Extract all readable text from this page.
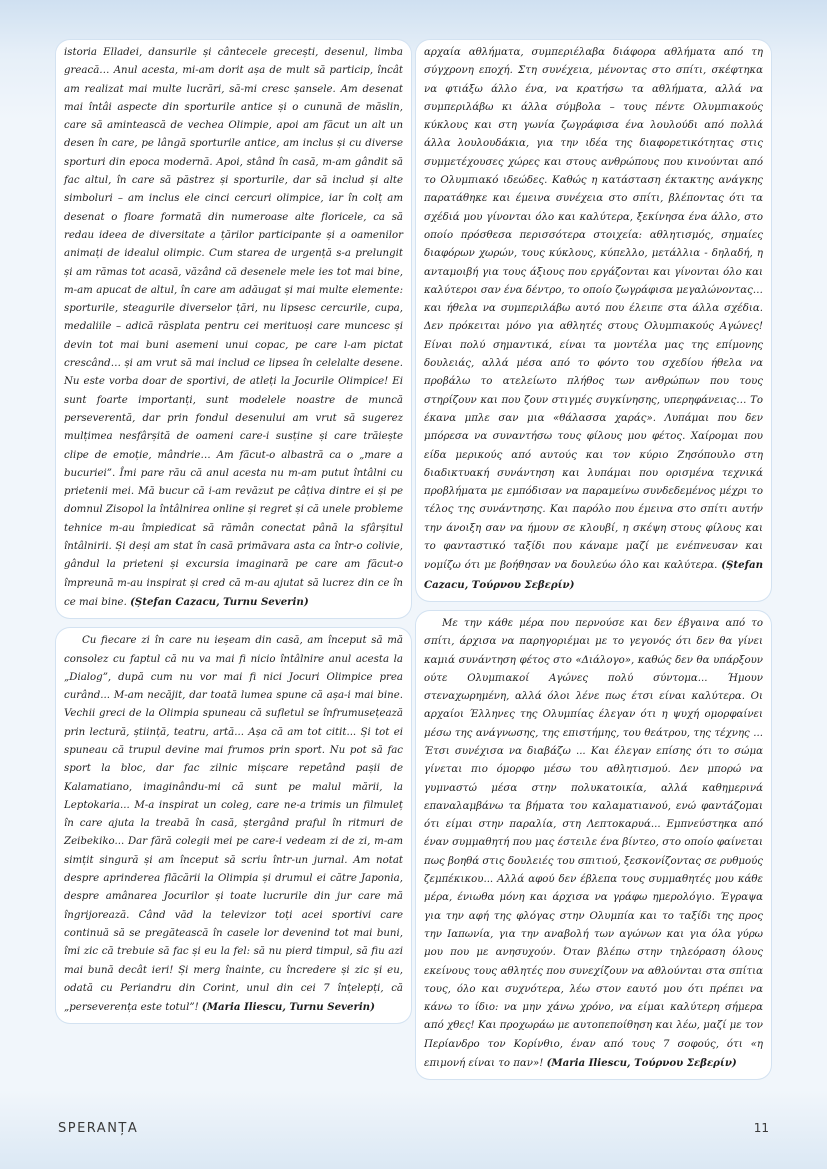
istoria Elladei, dansurile și cântecele grecești, desenul, limba greacă… Anul acesta, mi-am dorit așa de mult să particip, încât am realizat mai multe lucrări, să-mi cresc șansele. Am desenat mai întâi aspecte din sporturile antice și o cunună de măslin, care să amintească de vechea Olimpie, apoi am făcut un alt un desen în care, pe lângă sporturile antice, am inclus și cu diverse sporturi din epoca modernă. Apoi, stând în casă, m-am gândit să fac altul, în care să păstrez și sporturile, dar să includ și alte simboluri – am inclus ele cinci cercuri olimpice, iar în colț am desenat o floare formată din numeroase alte floricele, ca să redau ideea de diversitate a țărilor participante și a oamenilor animați de idealul olimpic. Cum starea de urgență s-a prelungit și am rămas tot acasă, văzând că desenele mele ies tot mai bine, m-am apucat de altul, în care am adăugat și mai multe elemente: sporturile, steagurile diverselor țări, nu lipsesc cercurile, cupa, medaliile – adică răsplata pentru cei merituoși care muncesc și devin tot mai buni asemeni unui copac, pe care l-am pictat crescând… și am vrut să mai includ ce lipsea în celelalte desene. Nu este vorba doar de sportivi, de atleți la Jocurile Olimpice! Ei sunt foarte importanți, sunt modelele noastre de muncă perseverentă, dar prin fondul desenului am vrut să sugerez mulțimea nesfârșită de oameni care-i susține și care trăiește clipe de emoție, mândrie… Am făcut-o albastră ca o „mare a bucuriei”. Îmi pare rău că anul acesta nu m-am putut întâlni cu prietenii mei. Mă bucur că i-am revăzut pe câțiva dintre ei și pe domnul Zisopol la întâlnirea online și regret și că unele probleme tehnice m-au împiedicat să rămân conectat până la sfârșitul întâlnirii. Și deși am stat în casă primăvara asta ca într-o colivie, gândul la prieteni și excursia imaginară pe care am făcut-o împreună m-au inspirat și cred că m-au ajutat să lucrez din ce în ce mai bine. (Ștefan Cazacu, Turnu Severin)

Cu fiecare zi în care nu ieșeam din casă, am început să mă consolez cu faptul că nu va mai fi nicio întâlnire anul acesta la „Dialog”, după cum nu vor mai fi nici Jocuri Olimpice prea curând... M-am necăjit, dar toată lumea spune că așa-i mai bine. Vechii greci de la Olimpia spuneau că sufletul se înfrumusețează prin lectură, știință, teatru, artă... Așa că am tot citit... Și tot ei spuneau că trupul devine mai frumos prin sport. Nu pot să fac sport la bloc, dar fac zilnic mișcare repetând pașii de Kalamatiano, imaginându-mi că sunt pe malul mării, la Leptokaria... M-a inspirat un coleg, care ne-a trimis un filmuleț în care ajuta la treabă în casă, ștergând praful în ritmuri de Zeibekiko... Dar fără colegii mei pe care-i vedeam zi de zi, m-am simțit singură și am început să scriu într-un jurnal. Am notat despre aprinderea flăcării la Olimpia și drumul ei către Japonia, despre amânarea Jocurilor și toate lucrurile din jur care mă îngrijorează. Când văd la televizor toți acei sportivi care continuă să se pregătească în casele lor devenind tot mai buni, îmi zic că trebuie să fac și eu la fel: să nu pierd timpul, să fiu azi mai bună decât ieri! Și merg înainte, cu încredere și zic și eu, odată cu Periandru din Corint, unul din cei 7 înțelepți, că „perseverența este totul”! (Maria Iliescu, Turnu Severin)

αρχαία αθλήματα, συμπεριέλαβα διάφορα αθλήματα από τη σύγχρονη εποχή. Στη συνέχεια, μένοντας στο σπίτι, σκέφτηκα να φτιάξω άλλο ένα, να κρατήσω τα αθλήματα, αλλά να συμπεριλάβω κι άλλα σύμβολα – τους πέντε Ολυμπιακούς κύκλους και στη γωνία ζωγράφισα ένα λουλούδι από πολλά άλλα λουλουδάκια, για την ιδέα της διαφορετικότητας στις συμμετέχουσες χώρες και στους ανθρώπους που κινούνται από το Ολυμπιακό ιδεώδες. Καθώς η κατάσταση έκτακτης ανάγκης παρατάθηκε και έμεινα συνέχεια στο σπίτι, βλέποντας ότι τα σχέδιά μου γίνονται όλο και καλύτερα, ξεκίνησα ένα άλλο, στο οποίο πρόσθεσα περισσότερα στοιχεία: αθλητισμός, σημαίες διαφόρων χωρών, τους κύκλους, κύπελλο, μετάλλια - δηλαδή, η ανταμοιβή για τους άξιους που εργάζονται και γίνονται όλο και καλύτεροι σαν ένα δέντρο, το οποίο ζωγράφισα μεγαλώνοντας… και ήθελα να συμπεριλάβω αυτό που έλειπε στα άλλα σχέδια. Δεν πρόκειται μόνο για αθλητές στους Ολυμπιακούς Αγώνες! Είναι πολύ σημαντικά, είναι τα μοντέλα μας της επίμονης δουλειάς, αλλά μέσα από το φόντο του σχεδίου ήθελα να προβάλω το ατελείωτο πλήθος των ανθρώπων που τους στηρίζουν και που ζουν στιγμές συγκίνησης, υπερηφάνειας… Το έκανα μπλε σαν μια «θάλασσα χαράς». Λυπάμαι που δεν μπόρεσα να συναντήσω τους φίλους μου φέτος. Χαίρομαι που είδα μερικούς από αυτούς και τον κύριο Ζησόπουλο στη διαδικτυακή συνάντηση και λυπάμαι που ορισμένα τεχνικά προβλήματα με εμπόδισαν να παραμείνω συνδεδεμένος μέχρι το τέλος της συνάντησης. Και παρόλο που έμεινα στο σπίτι αυτήν την άνοιξη σαν να ήμουν σε κλουβί, η σκέψη στους φίλους και το φανταστικό ταξίδι που κάναμε μαζί με ενέπνευσαν και νομίζω ότι με βοήθησαν να δουλεύω όλο και καλύτερα. (Ștefan Cazacu, Τούρνου Σεβερίν)

Με την κάθε μέρα που περνούσε και δεν έβγαινα από το σπίτι, άρχισα να παρηγοριέμαι με το γεγονός ότι δεν θα γίνει καμιά συνάντηση φέτος στο «Διάλογο», καθώς δεν θα υπάρξουν ούτε Ολυμπιακοί Αγώνες πολύ σύντομα... Ήμουν στεναχωρημένη, αλλά όλοι λένε πως έτσι είναι καλύτερα. Οι αρχαίοι Έλληνες της Ολυμπίας έλεγαν ότι η ψυχή ομορφαίνει μέσω της ανάγνωσης, της επιστήμης, του θεάτρου, της τέχνης ... Έτσι συνέχισα να διαβάζω ... Και έλεγαν επίσης ότι το σώμα γίνεται πιο όμορφο μέσω του αθλητισμού. Δεν μπορώ να γυμναστώ μέσα στην πολυκατοικία, αλλά καθημερινά επαναλαμβάνω τα βήματα του καλαματιανού, ενώ φαντάζομαι ότι είμαι στην παραλία, στη Λεπτοκαρυά... Εμπνεύστηκα από έναν συμμαθητή που μας έστειλε ένα βίντεο, στο οποίο φαίνεται πως βοηθά στις δουλειές του σπιτιού, ξεσκονίζοντας σε ρυθμούς ζεμπέκικου... Αλλά αφού δεν έβλεπα τους συμμαθητές μου κάθε μέρα, ένιωθα μόνη και άρχισα να γράφω ημερολόγιο. Έγραψα για την αφή της φλόγας στην Ολυμπία και το ταξίδι της προς την Ιαπωνία, για την αναβολή των αγώνων και για όλα γύρω μου που με ανησυχούν. Όταν βλέπω στην τηλεόραση όλους εκείνους τους αθλητές που συνεχίζουν να αθλούνται στα σπίτια τους, όλο και συχνότερα, λέω στον εαυτό μου ότι πρέπει να κάνω το ίδιο: να μην χάνω χρόνο, να είμαι καλύτερη σήμερα από χθες! Και προχωράω με αυτοπεποίθηση και λέω, μαζί με τον Περίανδρο τον Κορίνθιο, έναν από τους 7 σοφούς, ότι «η επιμονή είναι το παν»! (Maria Iliescu, Τούρνου Σεβερίν)

SPERANȚA	11
